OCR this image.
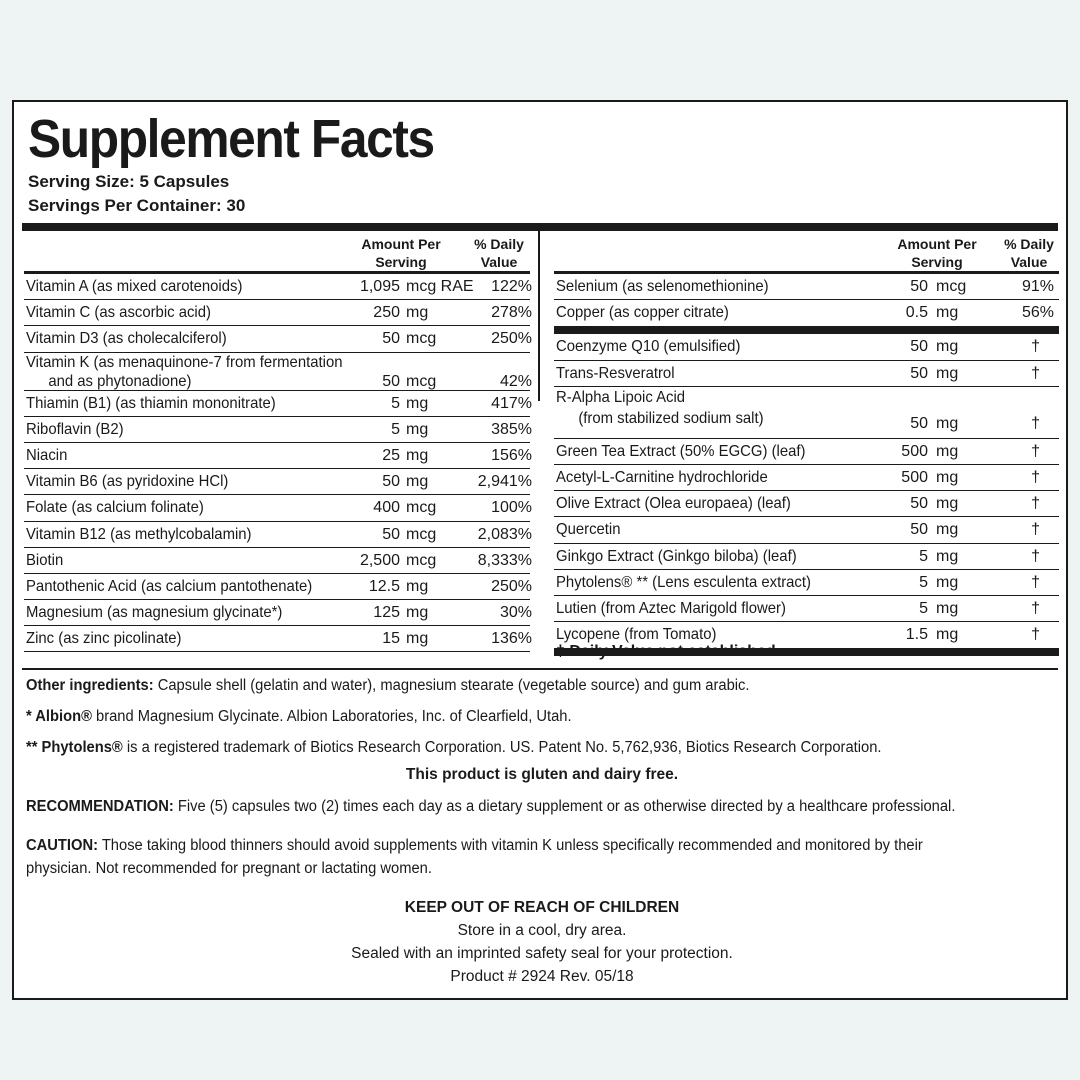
Supplement Facts
Serving Size: 5 Capsules
Servings Per Container: 30
Amount Per
Serving
% Daily
Value
Vitamin A (as mixed carotenoids)	1,095 mcg RAE	122%
Vitamin C (as ascorbic acid)	250 mg	278%
Vitamin D3 (as cholecalciferol)	50 mcg	250%
Vitamin K (as menaquinone-7 from fermentation
and as phytonadione)	50 mcg	42%
Thiamin (B1) (as thiamin mononitrate)	5 mg	417%
Riboflavin (B2)	5 mg	385%
Niacin	25 mg	156%
Vitamin B6 (as pyridoxine HCl)	50 mg	2,941%
Folate (as calcium folinate)	400 mcg	100%
Vitamin B12 (as methylcobalamin)	50 mcg	2,083%
Biotin	2,500 mcg	8,333%
Pantothenic Acid (as calcium pantothenate)	12.5 mg	250%
Magnesium (as magnesium glycinate*)	125 mg	30%
Zinc (as zinc picolinate)	15 mg	136%
Amount Per
Serving
% Daily
Value
Selenium (as selenomethionine)	50 mcg	91%
Copper (as copper citrate)	0.5 mg	56%
Coenzyme Q10 (emulsified)	50 mg	†
Trans-Resveratrol	50 mg	†
R-Alpha Lipoic Acid
(from stabilized sodium salt)	50 mg	†
Green Tea Extract (50% EGCG) (leaf)	500 mg	†
Acetyl-L-Carnitine hydrochloride	500 mg	†
Olive Extract (Olea europaea) (leaf)	50 mg	†
Quercetin	50 mg	†
Ginkgo Extract (Ginkgo biloba) (leaf)	5 mg	†
Phytolens® ** (Lens esculenta extract)	5 mg	†
Lutien (from Aztec Marigold flower)	5 mg	†
Lycopene (from Tomato)	1.5 mg	†
† Daily Value not established

Other ingredients: Capsule shell (gelatin and water), magnesium stearate (vegetable source) and gum arabic.

* Albion® brand Magnesium Glycinate. Albion Laboratories, Inc. of Clearfield, Utah.

** Phytolens® is a registered trademark of Biotics Research Corporation. US. Patent No. 5,762,936, Biotics Research Corporation.

This product is gluten and dairy free.

RECOMMENDATION: Five (5) capsules two (2) times each day as a dietary supplement or as otherwise directed by a healthcare professional.

CAUTION: Those taking blood thinners should avoid supplements with vitamin K unless specifically recommended and monitored by their physician. Not recommended for pregnant or lactating women.

KEEP OUT OF REACH OF CHILDREN
Store in a cool, dry area.
Sealed with an imprinted safety seal for your protection.
Product # 2924 Rev. 05/18
